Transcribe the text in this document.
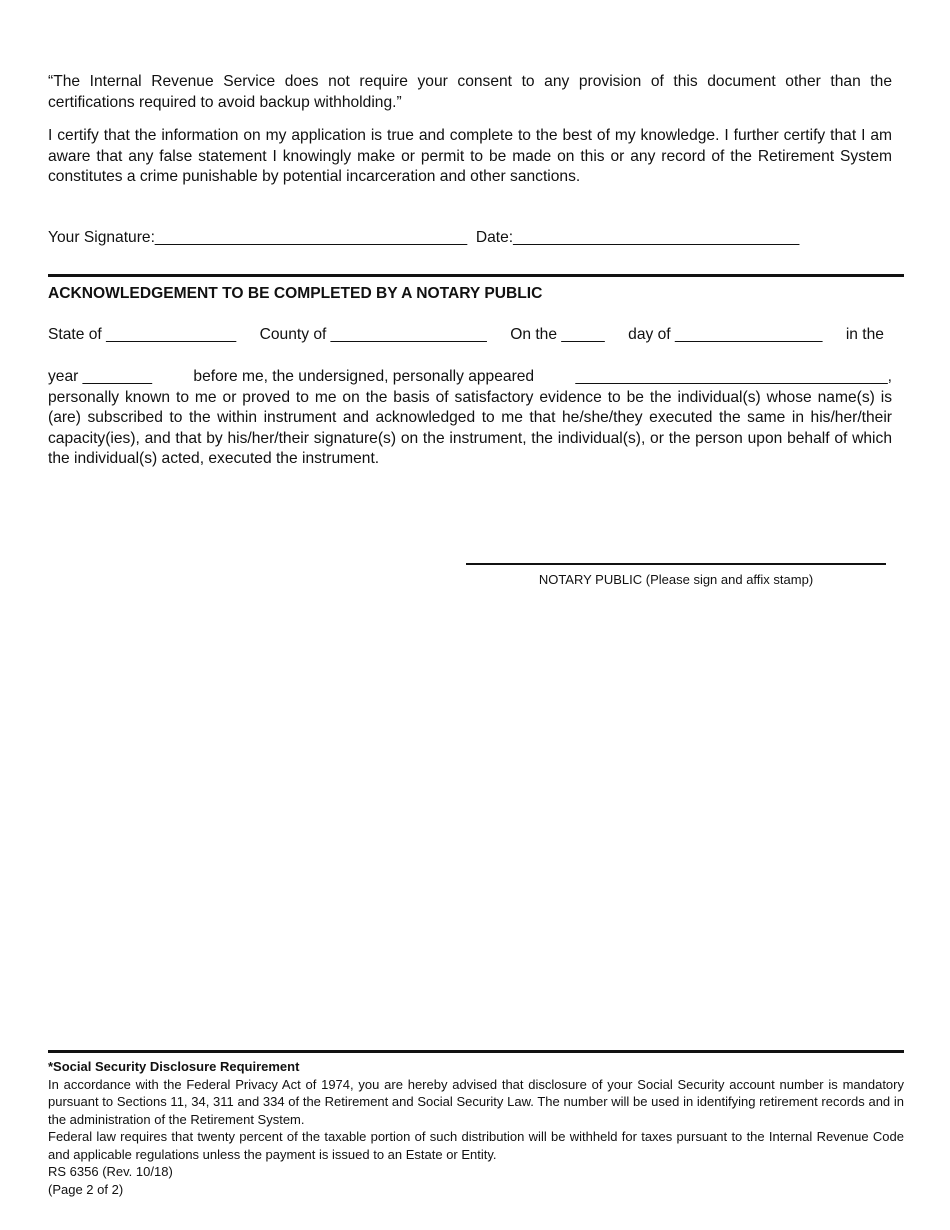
“The Internal Revenue Service does not require your consent to any provision of this document other than the certifications required to avoid backup withholding.”

I certify that the information on my application is true and complete to the best of my knowledge. I further certify that I am aware that any false statement I knowingly make or permit to be made on this or any record of the Retirement System constitutes a crime punishable by potential incarceration and other sanctions.

Your Signature:____________________________________ Date:_________________________________
ACKNOWLEDGEMENT TO BE COMPLETED BY A NOTARY PUBLIC
State of _______________ County of __________________ On the _____ day of _________________ in the
year ________	before me, the undersigned, personally appeared	____________________________________,
personally known to me or proved to me on the basis of satisfactory evidence to be the individual(s) whose name(s) is (are) subscribed to the within instrument and acknowledged to me that he/she/they executed the same in his/her/their capacity(ies), and that by his/her/their signature(s) on the instrument, the individual(s), or the person upon behalf of which the individual(s) acted, executed the instrument.
NOTARY PUBLIC (Please sign and affix stamp)

*Social Security Disclosure Requirement

In accordance with the Federal Privacy Act of 1974, you are hereby advised that disclosure of your Social Security account number is mandatory pursuant to Sections 11, 34, 311 and 334 of the Retirement and Social Security Law. The number will be used in identifying retirement records and in the administration of the Retirement System.

Federal law requires that twenty percent of the taxable portion of such distribution will be withheld for taxes pursuant to the Internal Revenue Code and applicable regulations unless the payment is issued to an Estate or Entity.

RS 6356 (Rev. 10/18)

(Page 2 of 2)
